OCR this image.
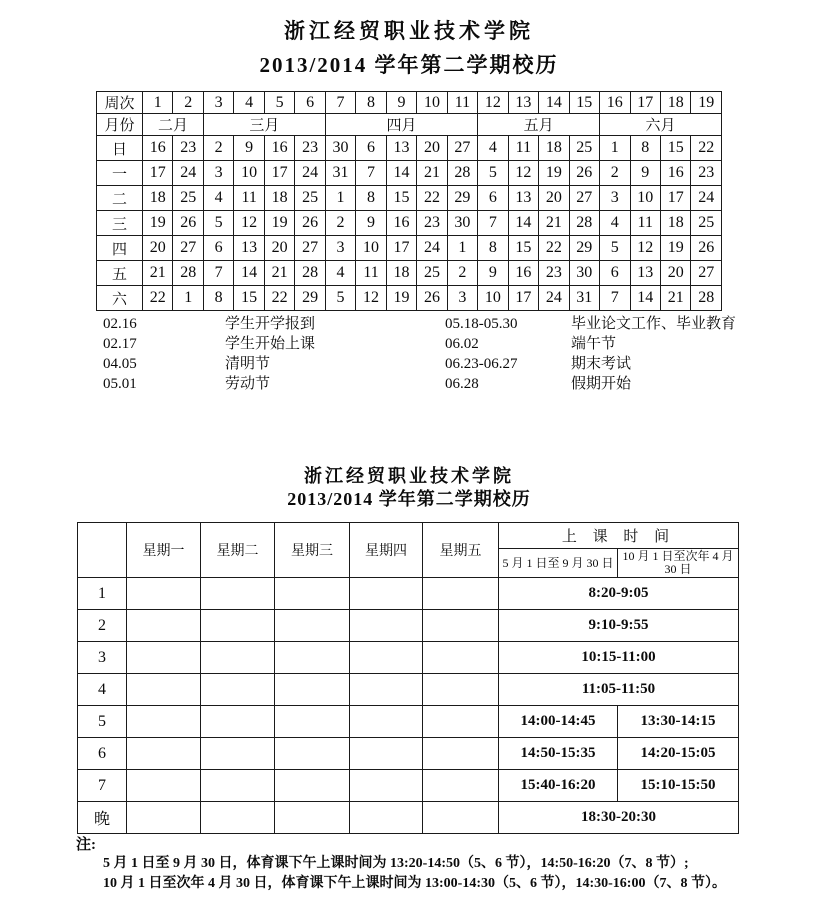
浙江经贸职业技术学院
2013/2014 学年第二学期校历
周次	1	2	3	4	5	6	7	8	9	10	11	12	13	14	15	16	17	18	19
月份	二月		三月				四月					五月				六月			
日	16	23	2	9	16	23	30	6	13	20	27	4	11	18	25	1	8	15	22
一	17	24	3	10	17	24	31	7	14	21	28	5	12	19	26	2	9	16	23
二	18	25	4	11	18	25	1	8	15	22	29	6	13	20	27	3	10	17	24
三	19	26	5	12	19	26	2	9	16	23	30	7	14	21	28	4	11	18	25
四	20	27	6	13	20	27	3	10	17	24	1	8	15	22	29	5	12	19	26
五	21	28	7	14	21	28	4	11	18	25	2	9	16	23	30	6	13	20	27
六	22	1	8	15	22	29	5	12	19	26	3	10	17	24	31	7	14	21	28
02.16	学生开学报到	05.18-05.30	毕业论文工作、毕业教育
02.17	学生开始上课	06.02	端午节
04.05	清明节	06.23-06.27	期末考试
05.01	劳动节	06.28	假期开始
浙江经贸职业技术学院
2013/2014 学年第二学期校历
	星期一	星期二	星期三	星期四	星期五	上 课 时 间	
						5 月 1 日至 9 月 30 日	10 月 1 日至次年 4 月 30 日
1						8:20-9:05	
2						9:10-9:55	
3						10:15-11:00	
4						11:05-11:50	
5						14:00-14:45	13:30-14:15
6						14:50-15:35	14:20-15:05
7						15:40-16:20	15:10-15:50
晚						18:30-20:30	
注:
5 月 1 日至 9 月 30 日，体育课下午上课时间为 13:20-14:50（5、6 节），14:50-16:20（7、8 节）;
10 月 1 日至次年 4 月 30 日，体育课下午上课时间为 13:00-14:30（5、6 节），14:30-16:00（7、8 节）。
